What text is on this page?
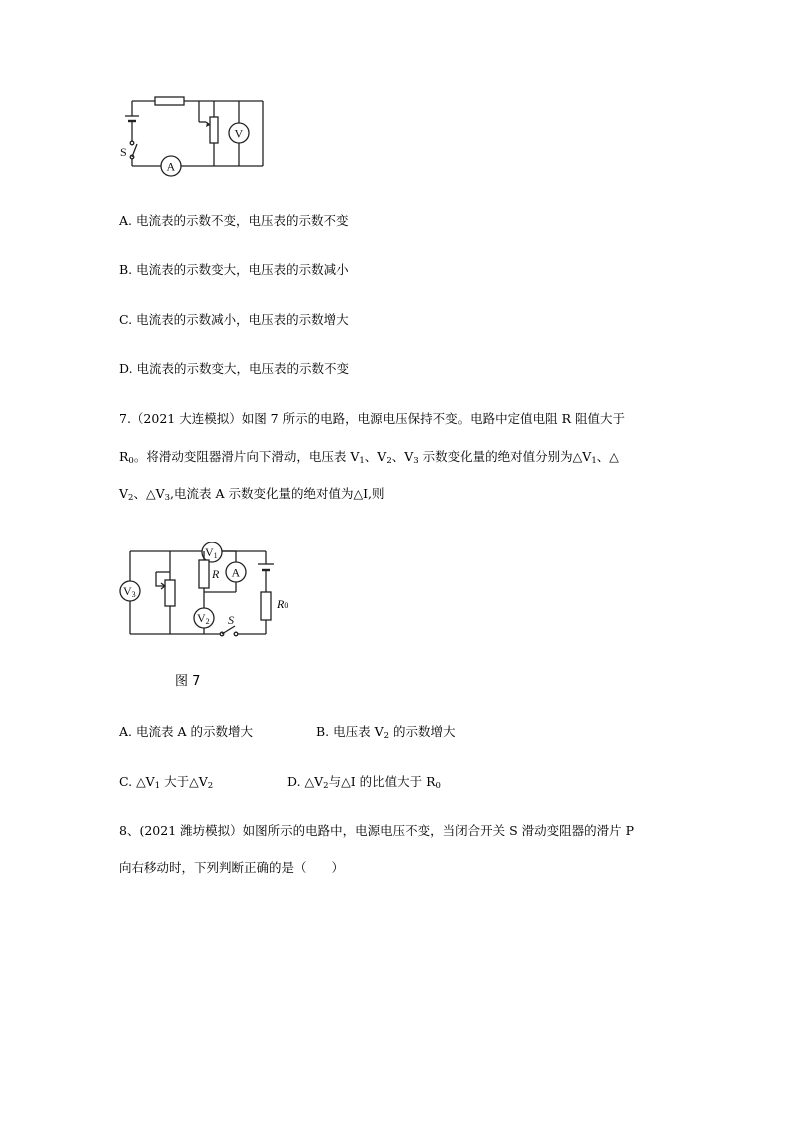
S
A
V

A. 电流表的示数不变，电压表的示数不变

B. 电流表的示数变大，电压表的示数减小

C. 电流表的示数减小，电压表的示数增大

D. 电流表的示数变大，电压表的示数不变

7.（2021 大连模拟）如图 7 所示的电路，电源电压保持不变。电路中定值电阻 R 阻值大于

$R_0$。将滑动变阻器滑片向下滑动，电压表 $V_1$、$V_2$、$V_3$ 示数变化量的绝对值分别为$\triangle V_1$、△

$V_2$、$\triangle V_3$,电流表 A 示数变化量的绝对值为△I,则

V3
V1
R A
V2 S
R0
图 7
A. 电流表 A 的示数增大	B. 电压表 $V_2$ 的示数增大
C. $\triangle V_1$ 大于$\triangle V_2$	D. $\triangle V_2$与△I 的比值大于 $R_0$

8、(2021 潍坊模拟）如图所示的电路中，电源电压不变，当闭合开关 S 滑动变阻器的滑片 P

向右移动时，下列判断正确的是（　　）
